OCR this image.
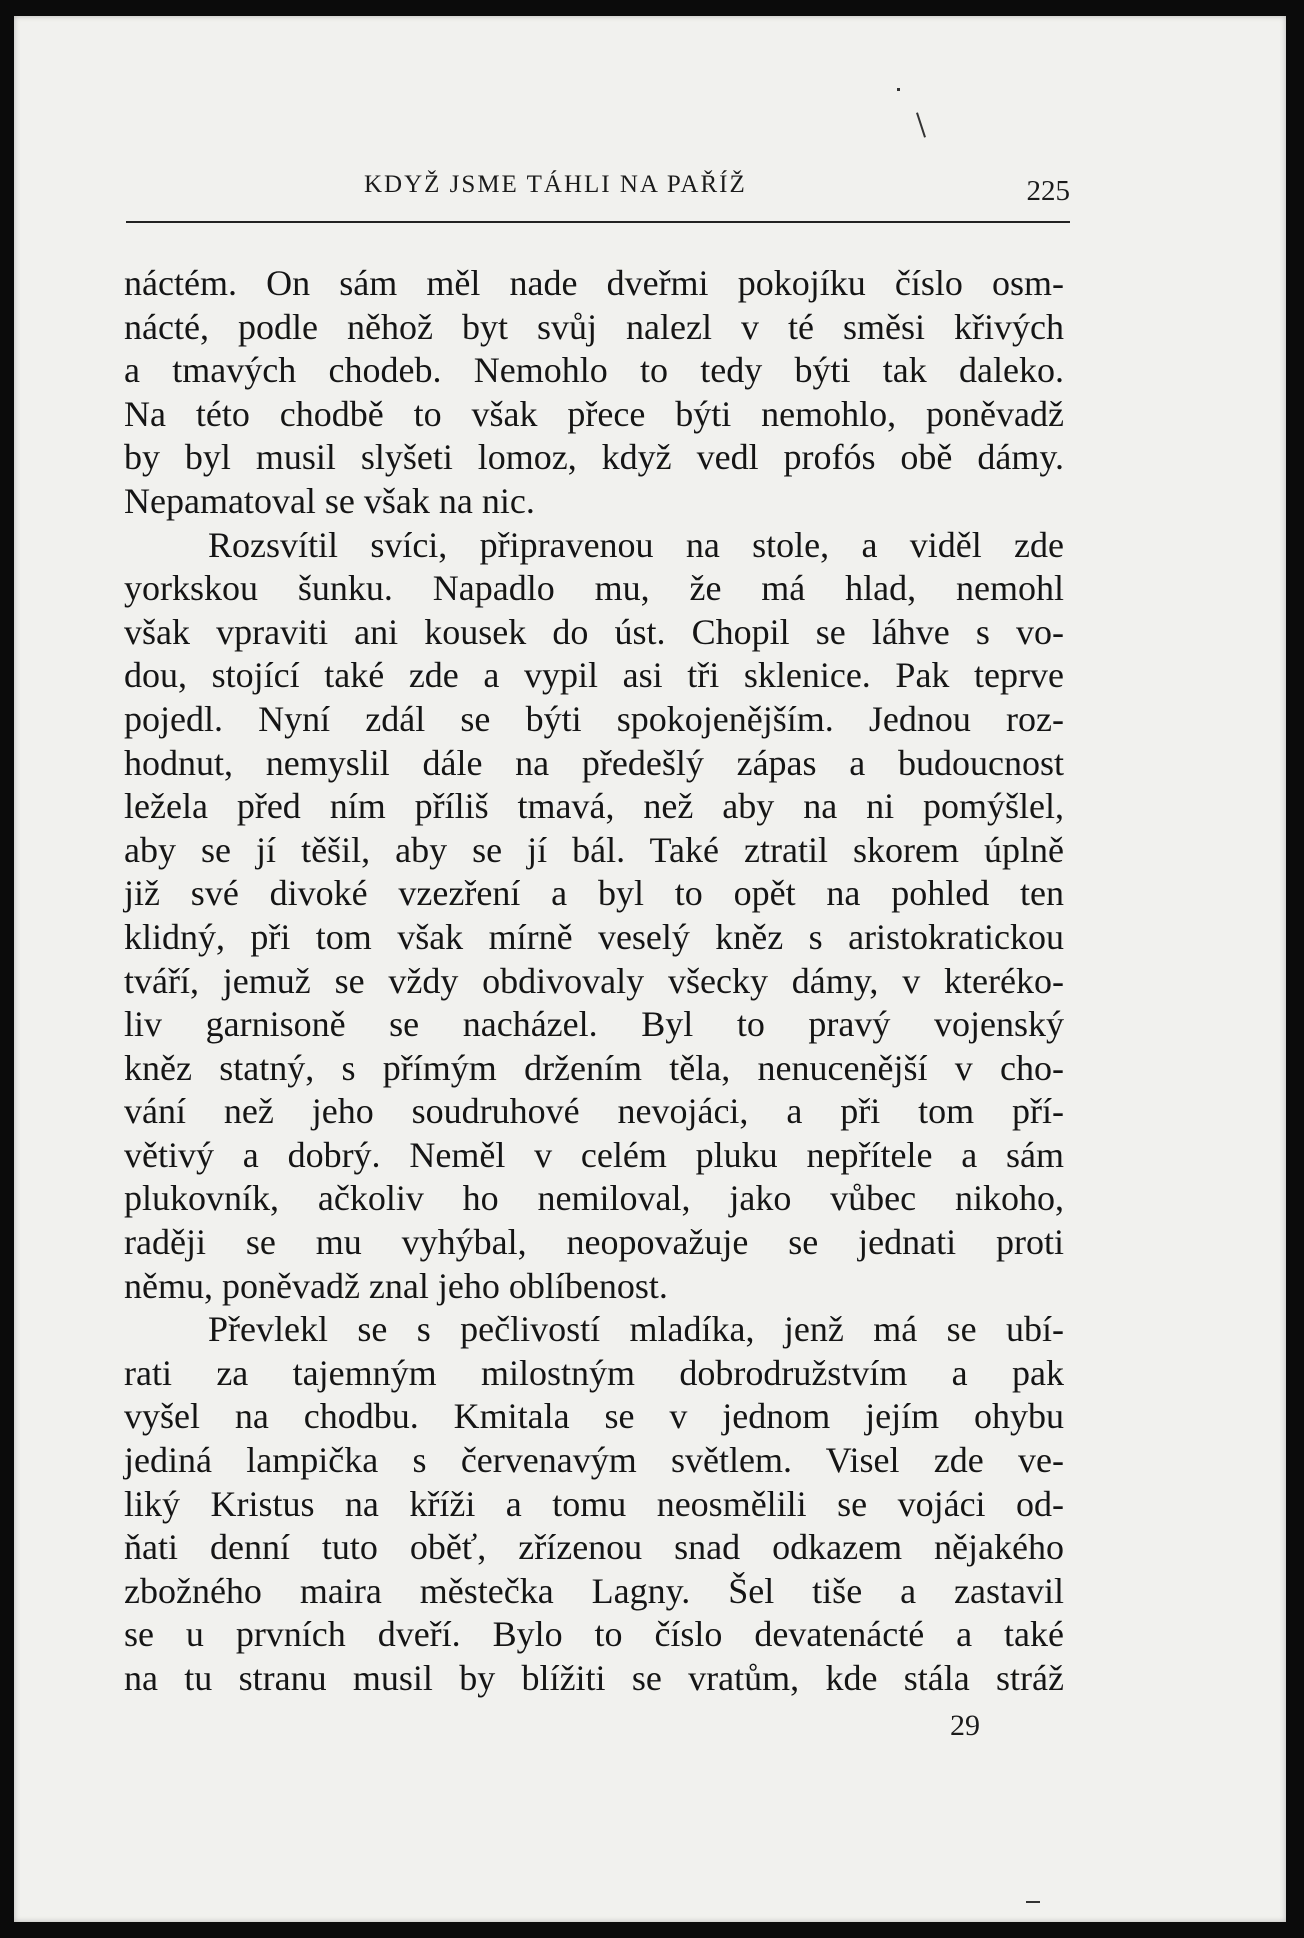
KDYŽ JSME TÁHLI NA PAŘÍŽ	225
náctém. On sám měl nade dveřmi pokojíku číslo osm-
nácté, podle něhož byt svůj nalezl v té směsi křivých
a tmavých chodeb. Nemohlo to tedy býti tak daleko.
Na této chodbě to však přece býti nemohlo, poněvadž
by byl musil slyšeti lomoz, když vedl profós obě dámy.
Nepamatoval se však na nic.
Rozsvítil svíci, připravenou na stole, a viděl zde
yorkskou šunku. Napadlo mu, že má hlad, nemohl
však vpraviti ani kousek do úst. Chopil se láhve s vo-
dou, stojící také zde a vypil asi tři sklenice. Pak teprve
pojedl. Nyní zdál se býti spokojenějším. Jednou roz-
hodnut, nemyslil dále na předešlý zápas a budoucnost
ležela před ním příliš tmavá, než aby na ni pomýšlel,
aby se jí těšil, aby se jí bál. Také ztratil skorem úplně
již své divoké vzezření a byl to opět na pohled ten
klidný, při tom však mírně veselý kněz s aristokratickou
tváří, jemuž se vždy obdivovaly všecky dámy, v kteréko-
liv garnisoně se nacházel. Byl to pravý vojenský
kněz statný, s přímým držením těla, nenucenější v cho-
vání než jeho soudruhové nevojáci, a při tom pří-
větivý a dobrý. Neměl v celém pluku nepřítele a sám
plukovník, ačkoliv ho nemiloval, jako vůbec nikoho,
raději se mu vyhýbal, neopovažuje se jednati proti
němu, poněvadž znal jeho oblíbenost.
Převlekl se s pečlivostí mladíka, jenž má se ubí-
rati za tajemným milostným dobrodružstvím a pak
vyšel na chodbu. Kmitala se v jednom jejím ohybu
jediná lampička s červenavým světlem. Visel zde ve-
liký Kristus na kříži a tomu neosmělili se vojáci od-
ňati denní tuto oběť, zřízenou snad odkazem nějakého
zbožného maira městečka Lagny. Šel tiše a zastavil
se u prvních dveří. Bylo to číslo devatenácté a také
na tu stranu musil by blížiti se vratům, kde stála stráž
29
